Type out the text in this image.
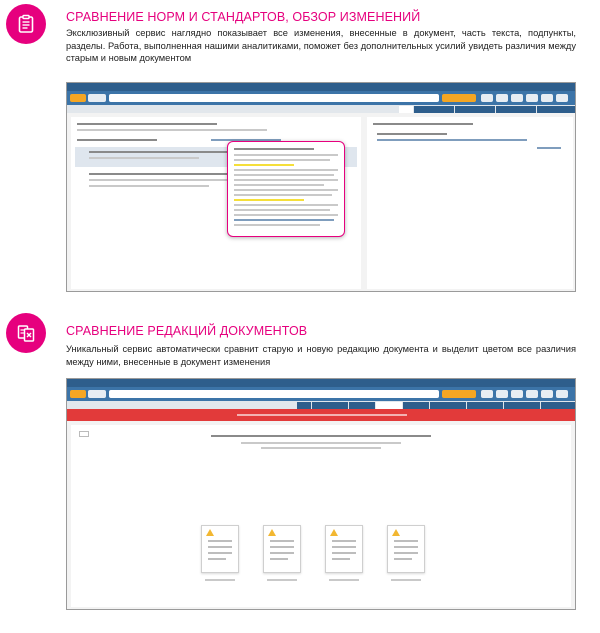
СРАВНЕНИЕ НОРМ И СТАНДАРТОВ, ОБЗОР ИЗМЕНЕНИЙ
Эксклюзивный сервис наглядно показывает все изменения, внесенные в документ, часть текста, подпункты, разделы. Работа, выполненная нашими аналитиками, поможет без дополнительных усилий увидеть различия между старым и новым документом
СРАВНЕНИЕ РЕДАКЦИЙ ДОКУМЕНТОВ
Уникальный сервис автоматически сравнит старую и новую редакцию документа и выделит цветом все различия между ними, внесенные в документ изменения
